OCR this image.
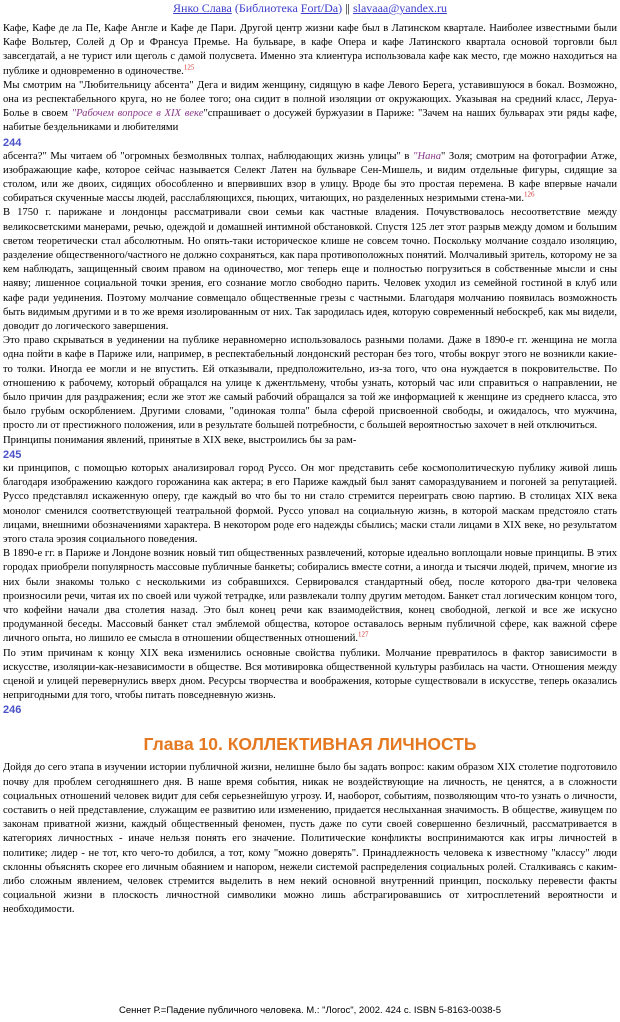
Янко Слава (Библиотека Fort/Da) || slavaaa@yandex.ru

Кафе, Кафе де ла Пе, Кафе Англе и Кафе де Пари. Другой центр жизни кафе был в Латинском квартале. Наиболее известными были Кафе Вольтер, Солей д Ор и Франсуа Премье. На бульваре, в кафе Опера и кафе Латинского квартала основой торговли был завсегдатай, а не турист или щеголь с дамой полусвета. Именно эта клиентура использовала кафе как место, где можно находиться на публике и одновременно в одиночестве.$^{125}$

Мы смотрим на "Любительницу абсента" Дега и видим женщину, сидящую в кафе Левого Берега, уставившуюся в бокал. Возможно, она из респектабельного круга, но не более того; она сидит в полной изоляции от окружающих. Указывая на средний класс, Леруа-Болье в своем "Рабочем вопросе в XIX веке"спрашивает о досужей буржуазии в Париже: "Зачем на наших бульварах эти ряды кафе, набитые бездельниками и любителями

244

абсента?" Мы читаем об "огромных безмолвных толпах, наблюдающих жизнь улицы" в "Нана" Золя; смотрим на фотографии Атже, изображающие кафе, которое сейчас называется Селект Латен на бульваре Сен-Мишель, и видим отдельные фигуры, сидящие за столом, или же двоих, сидящих обособленно и впервивших взор в улицу. Вроде бы это простая перемена. В кафе впервые начали собираться скученные массы людей, расслабляющихся, пьющих, читающих, но разделенных незримыми стена-ми.$^{126}$

В 1750 г. парижане и лондонцы рассматривали свои семьи как частные владения. Почувствовалось несоответствие между великосветскими манерами, речью, одеждой и домашней интимной обстановкой. Спустя 125 лет этот разрыв между домом и большим светом теоретически стал абсолютным. Но опять-таки историческое клише не совсем точно. Поскольку молчание создало изоляцию, разделение общественного/частного не должно сохраняться, как пара противоположных понятий. Молчаливый зритель, которому не за кем наблюдать, защищенный своим правом на одиночество, мог теперь еще и полностью погрузиться в собственные мысли и сны наяву; лишенное социальной точки зрения, его сознание могло свободно парить. Человек уходил из семейной гостиной в клуб или кафе ради уединения. Поэтому молчание совмещало общественные грезы с частными. Благодаря молчанию появилась возможность быть видимым другими и в то же время изолированным от них. Так зародилась идея, которую современный небоскреб, как мы видели, доводит до логического завершения.

Это право скрываться в уединении на публике неравномерно использовалось разными полами. Даже в 1890-е гг. женщина не могла одна пойти в кафе в Париже или, например, в респектабельный лондонский ресторан без того, чтобы вокруг этого не возникли какие-то толки. Иногда ее могли и не впустить. Ей отказывали, предположительно, из-за того, что она нуждается в покровительстве. По отношению к рабочему, который обращался на улице к джентльмену, чтобы узнать, который час или справиться о направлении, не было причин для раздражения; если же этот же самый рабочий обращался за той же информацией к женщине из среднего класса, это было грубым оскорблением. Другими словами, "одинокая толпа" была сферой присвоенной свободы, и ожидалось, что мужчина, просто ли от престижного положения, или в результате большей потребности, с большей вероятностью захочет в ней отключиться.

Принципы понимания явлений, принятые в XIX веке, выстроились бы за рам-

245

ки принципов, с помощью которых анализировал город Руссо. Он мог представить себе космополитическую публику живой лишь благодаря изображению каждого горожанина как актера; в его Париже каждый был занят самораздуванием и погоней за репутацией. Руссо представлял искаженную оперу, где каждый во что бы то ни стало стремится переиграть свою партию. В столицах XIX века монолог сменился соответствующей театральной формой. Руссо уповал на социальную жизнь, в которой маскам предстояло стать лицами, внешними обозначениями характера. В некотором роде его надежды сбылись; маски стали лицами в XIX веке, но результатом этого стала эрозия социального поведения.

В 1890-е гг. в Париже и Лондоне возник новый тип общественных развлечений, которые идеально воплощали новые принципы. В этих городах приобрели популярность массовые публичные банкеты; собирались вместе сотни, а иногда и тысячи людей, причем, многие из них были знакомы только с несколькими из собравшихся. Сервировался стандартный обед, после которого два-три человека произносили речи, читая их по своей или чужой тетрадке, или развлекали толпу другим методом. Банкет стал логическим концом того, что кофейни начали два столетия назад. Это был конец речи как взаимодействия, конец свободной, легкой и все же искусно продуманной беседы. Массовый банкет стал эмблемой общества, которое оставалось верным публичной сфере, как важной сфере личного опыта, но лишило ее смысла в отношении общественных отношений.$^{127}$

По этим причинам к концу XIX века изменились основные свойства публики. Молчание превратилось в фактор зависимости в искусстве, изоляции-как-независимости в обществе. Вся мотивировка общественной культуры разбилась на части. Отношения между сценой и улицей перевернулись вверх дном. Ресурсы творчества и воображения, которые существовали в искусстве, теперь оказались непригодными для того, чтобы питать повседневную жизнь.

246
Глава 10. КОЛЛЕКТИВНАЯ ЛИЧНОСТЬ

Дойдя до сего этапа в изучении истории публичной жизни, нелишне было бы задать вопрос: каким образом XIX столетие подготовило почву для проблем сегодняшнего дня. В наше время события, никак не воздействующие на личность, не ценятся, а в сложности социальных отношений человек видит для себя серьезнейшую угрозу. И, наоборот, событиям, позволяющим что-то узнать о личности, составить о ней представление, служащим ее развитию или изменению, придается неслыханная значимость. В обществе, живущем по законам приватной жизни, каждый общественный феномен, пусть даже по сути своей совершенно безличный, рассматривается в категориях личностных - иначе нельзя понять его значение. Политические конфликты воспринимаются как игры личностей в политике; лидер - не тот, кто чего-то добился, а тот, кому "можно доверять". Принадлежность человека к известному "классу" люди склонны объяснять скорее его личным обаянием и напором, нежели системой распределения социальных ролей. Сталкиваясь с каким-либо сложным явлением, человек стремится выделить в нем некий основной внутренний принцип, поскольку перевести факты социальной жизни в плоскость личностной символики можно лишь абстрагировавшись от хитросплетений вероятности и необходимости.

Сеннет Р.=Падение публичного человека. М.: "Логос", 2002. 424 с. ISBN 5-8163-0038-5
